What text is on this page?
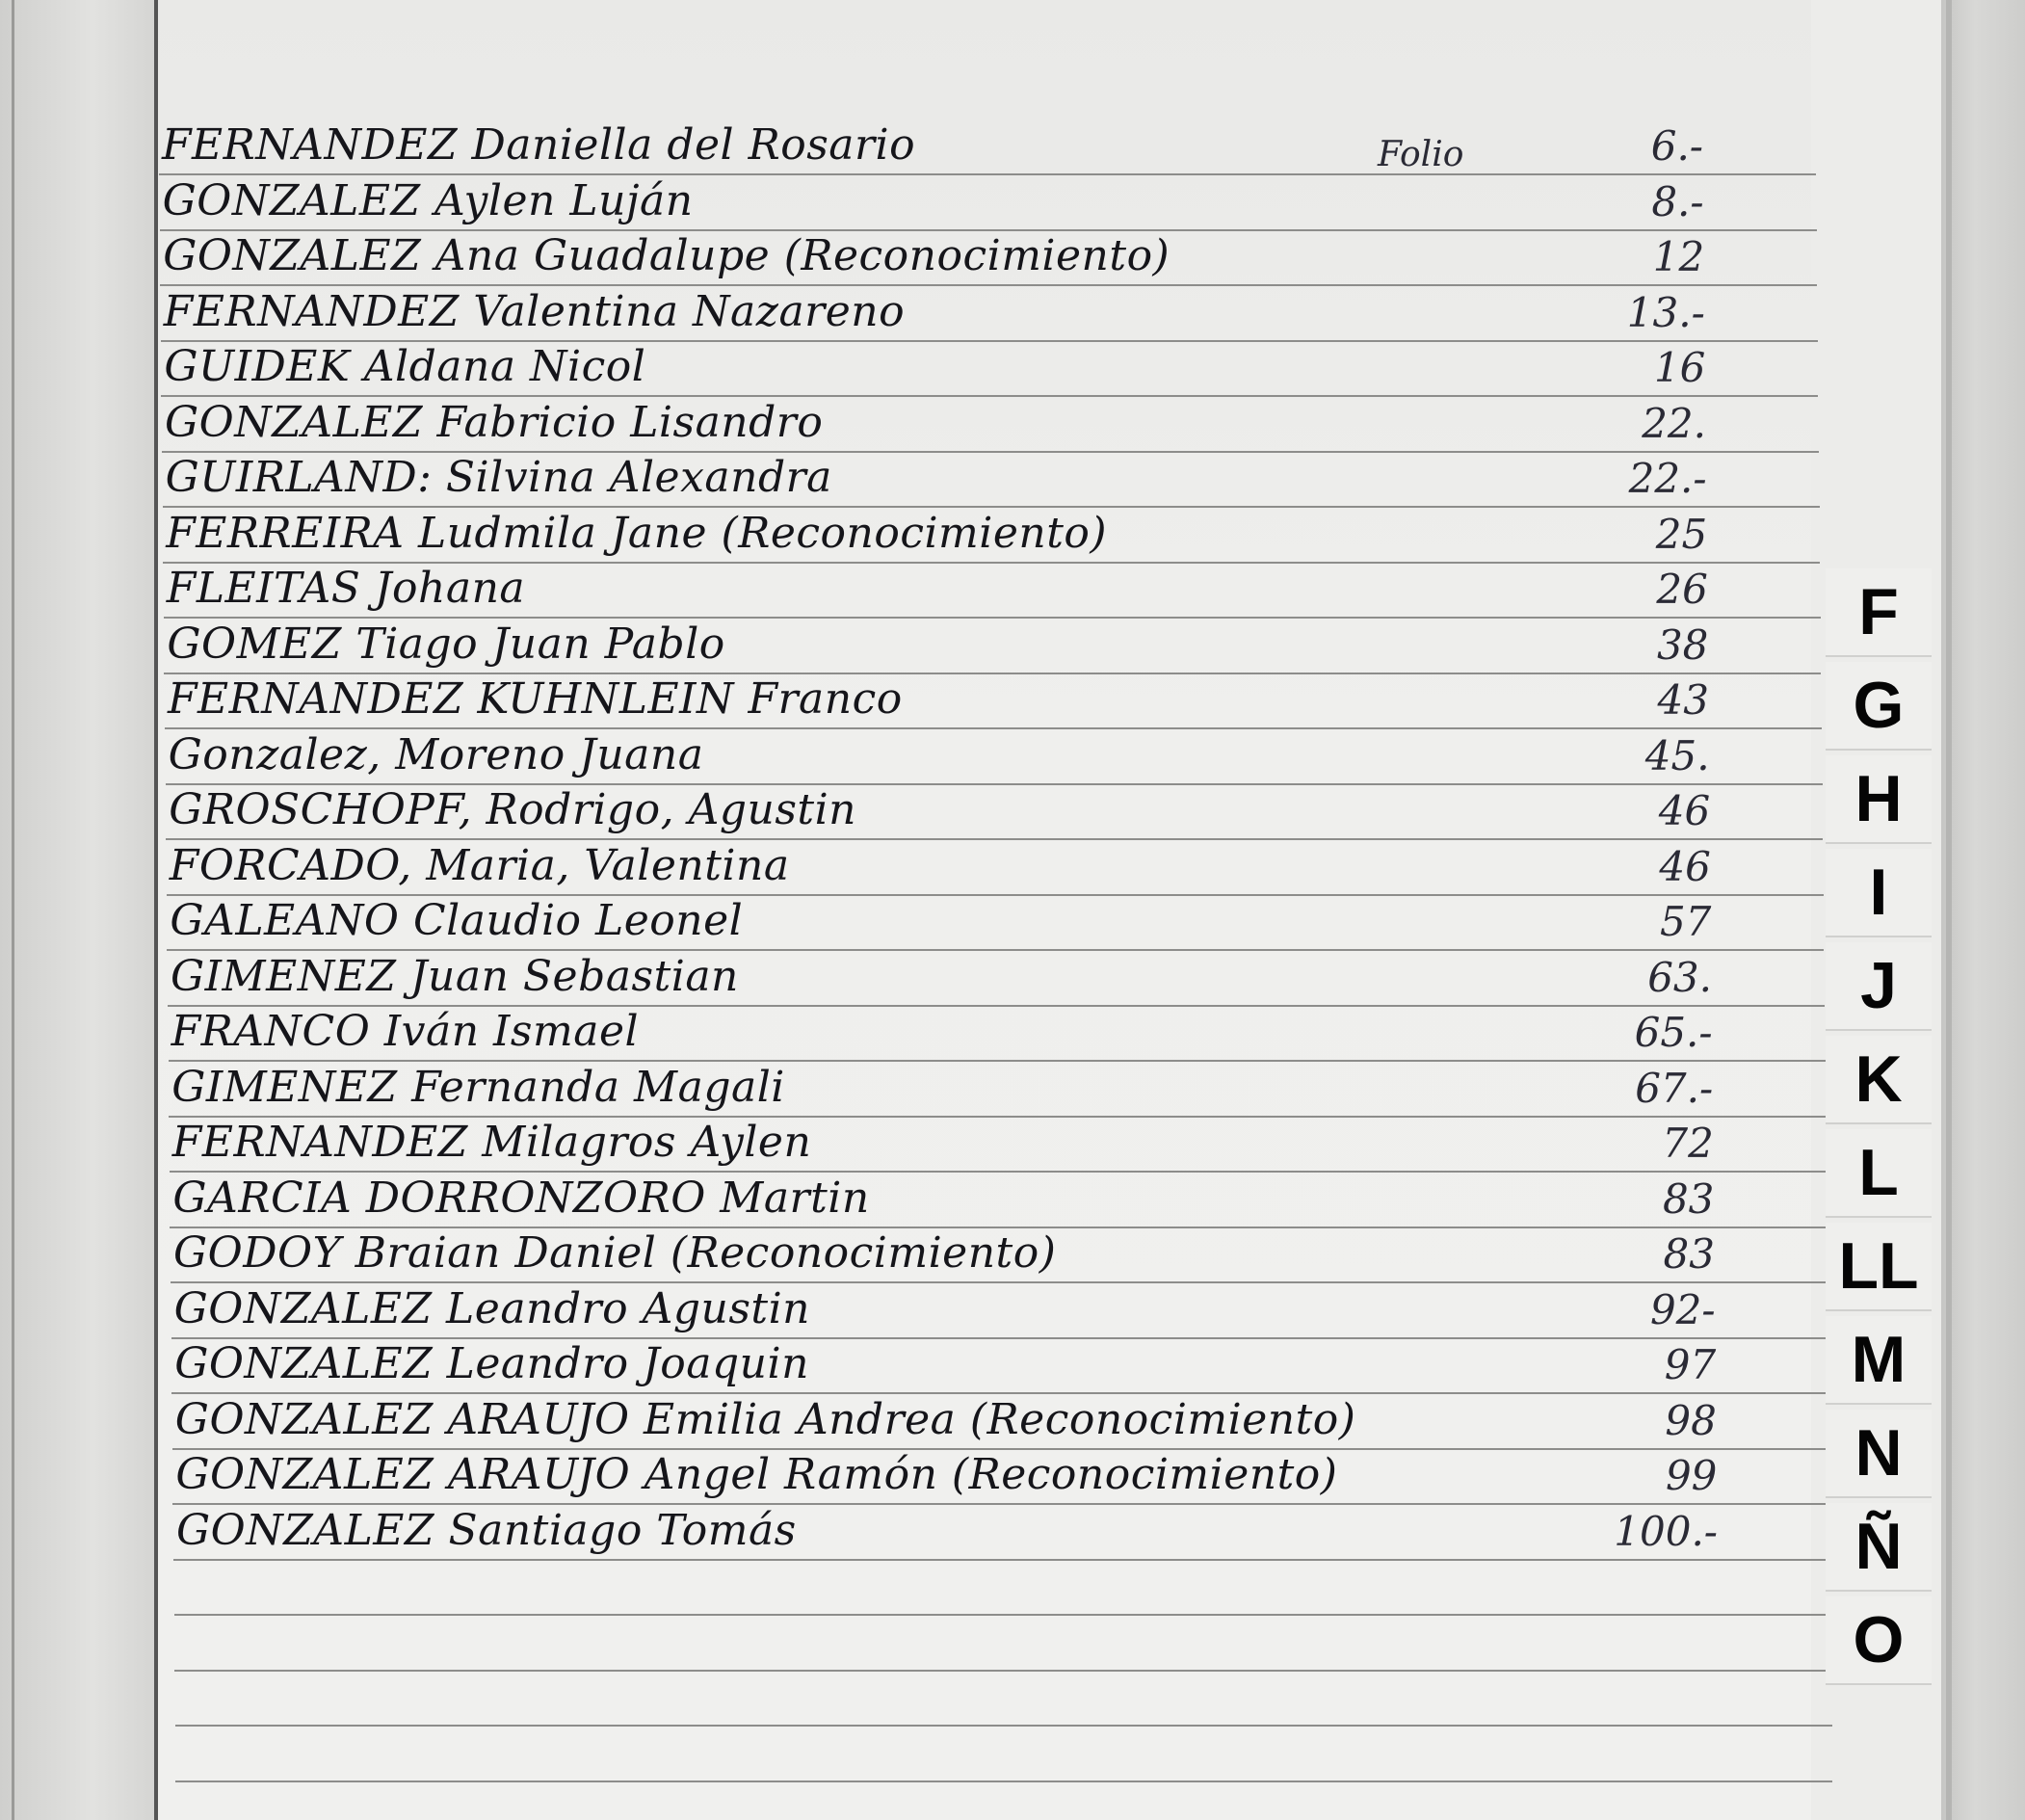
Folio
FERNANDEZ Daniella del Rosario	6.-
GONZALEZ Aylen Luján	8.-
GONZALEZ Ana Guadalupe (Reconocimiento)	12
FERNANDEZ Valentina Nazareno	13.-
GUIDEK Aldana Nicol	16
GONZALEZ Fabricio Lisandro	22.
GUIRLAND: Silvina Alexandra	22.-
FERREIRA Ludmila Jane (Reconocimiento)	25
FLEITAS Johana	26
GOMEZ Tiago Juan Pablo	38
FERNANDEZ KUHNLEIN Franco	43
Gonzalez, Moreno Juana	45.
GROSCHOPF, Rodrigo, Agustin	46
FORCADO, Maria, Valentina	46
GALEANO Claudio Leonel	57
GIMENEZ Juan Sebastian	63.
FRANCO Iván Ismael	65.-
GIMENEZ Fernanda Magali	67.-
FERNANDEZ Milagros Aylen	72
GARCIA DORRONZORO Martin	83
GODOY Braian Daniel (Reconocimiento)	83
GONZALEZ Leandro Agustin	92-
GONZALEZ Leandro Joaquin	97
GONZALEZ ARAUJO Emilia Andrea (Reconocimiento)	98
GONZALEZ ARAUJO Angel Ramón (Reconocimiento)	99
GONZALEZ Santiago Tomás	100.-
F
G
H
I
J
K
L
LL
M
N
Ñ
O
